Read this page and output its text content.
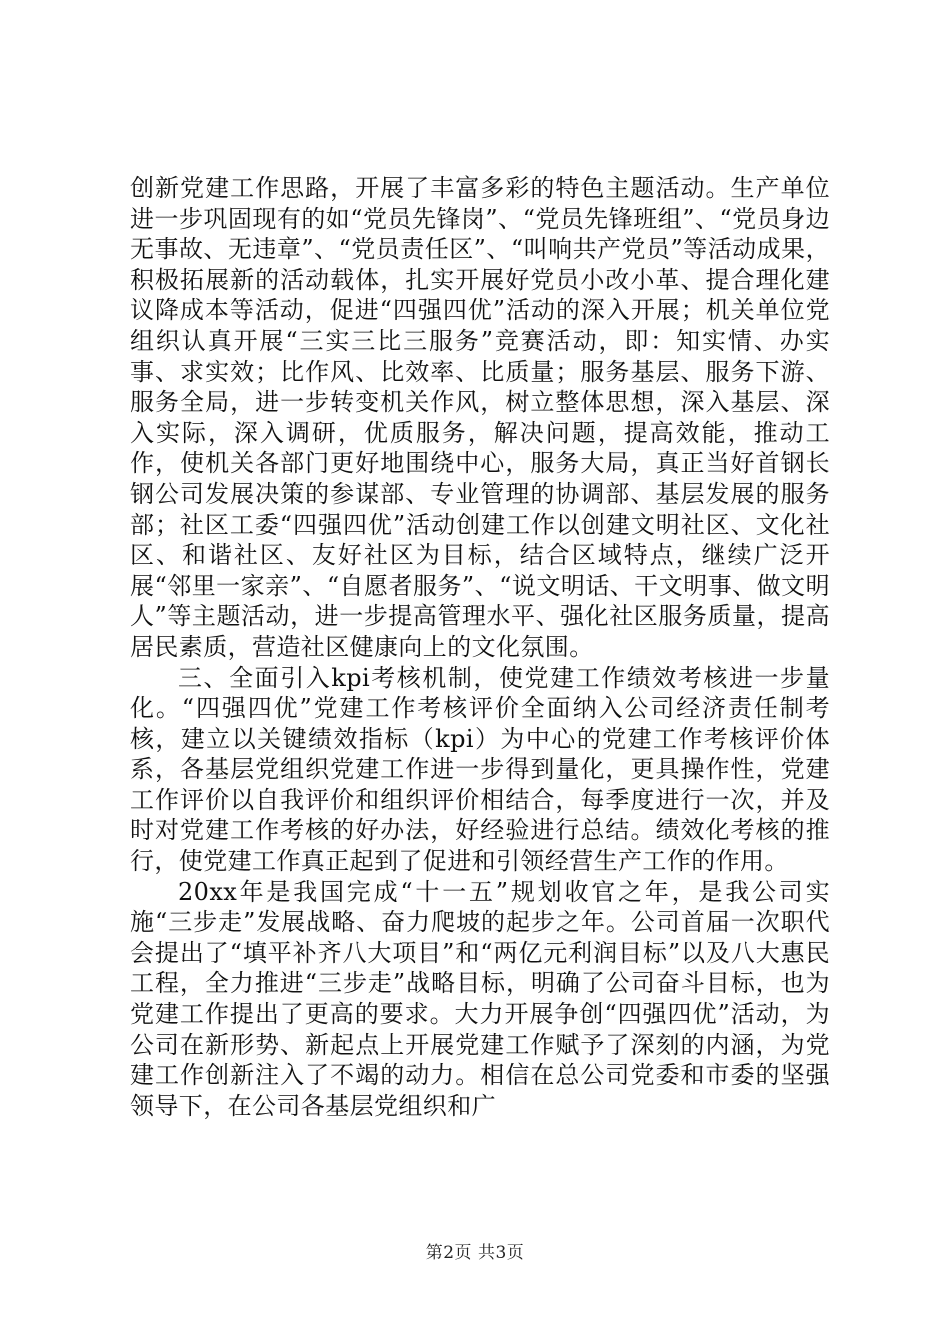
创新党建工作思路，开展了丰富多彩的特色主题活动。生产单位进一步巩固现有的如“党员先锋岗”、“党员先锋班组”、“党员身边无事故、无违章”、“党员责任区”、“叫响共产党员”等活动成果，积极拓展新的活动载体，扎实开展好党员小改小革、提合理化建议降成本等活动，促进“四强四优”活动的深入开展；机关单位党组织认真开展“三实三比三服务”竞赛活动，即：知实情、办实事、求实效；比作风、比效率、比质量；服务基层、服务下游、服务全局，进一步转变机关作风，树立整体思想，深入基层、深入实际，深入调研，优质服务，解决问题，提高效能，推动工作，使机关各部门更好地围绕中心，服务大局，真正当好首钢长钢公司发展决策的参谋部、专业管理的协调部、基层发展的服务部；社区工委“四强四优”活动创建工作以创建文明社区、文化社区、和谐社区、友好社区为目标，结合区域特点，继续广泛开展“邻里一家亲”、“自愿者服务”、“说文明话、干文明事、做文明人”等主题活动，进一步提高管理水平、强化社区服务质量，提高居民素质，营造社区健康向上的文化氛围。

三、全面引入kpi考核机制，使党建工作绩效考核进一步量化。“四强四优”党建工作考核评价全面纳入公司经济责任制考核，建立以关键绩效指标（kpi）为中心的党建工作考核评价体系，各基层党组织党建工作进一步得到量化，更具操作性，党建工作评价以自我评价和组织评价相结合，每季度进行一次，并及时对党建工作考核的好办法，好经验进行总结。绩效化考核的推行，使党建工作真正起到了促进和引领经营生产工作的作用。

20xx年是我国完成“十一五”规划收官之年，是我公司实施“三步走”发展战略、奋力爬坡的起步之年。公司首届一次职代会提出了“填平补齐八大项目”和“两亿元利润目标”以及八大惠民工程，全力推进“三步走”战略目标，明确了公司奋斗目标，也为党建工作提出了更高的要求。大力开展争创“四强四优”活动，为公司在新形势、新起点上开展党建工作赋予了深刻的内涵，为党建工作创新注入了不竭的动力。相信在总公司党委和市委的坚强领导下，在公司各基层党组织和广

第2页 共3页
